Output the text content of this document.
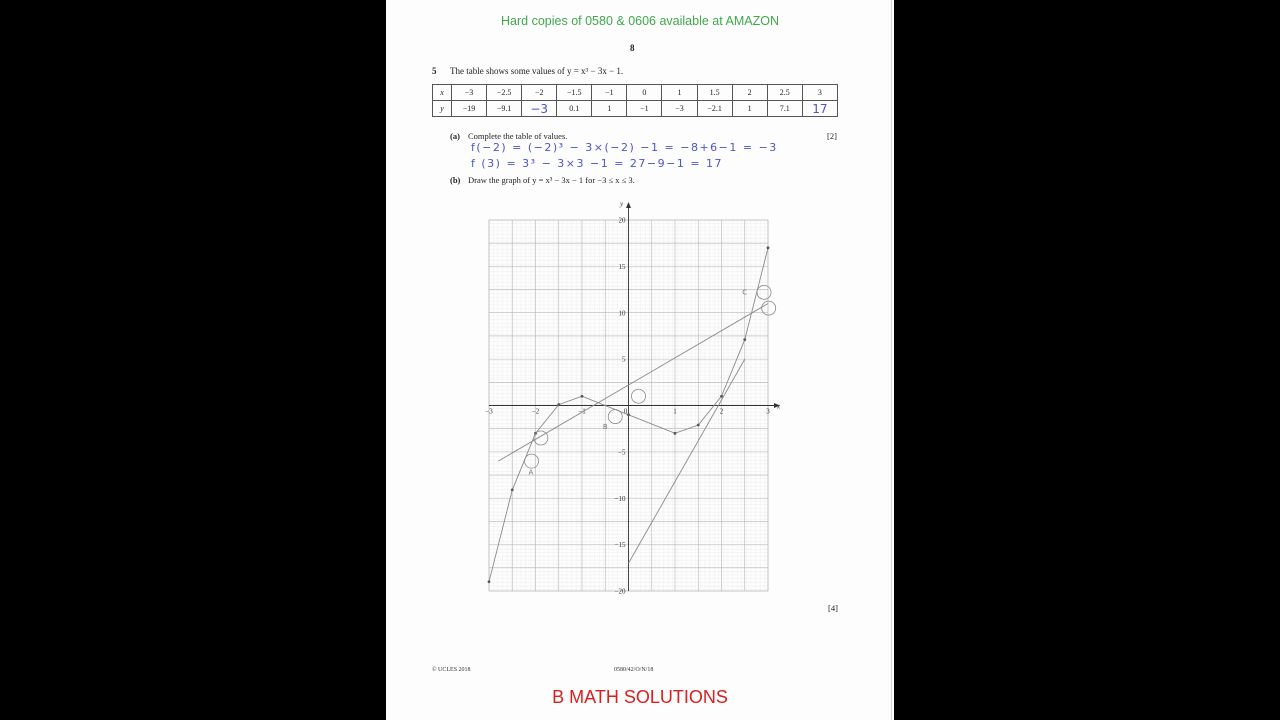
Hard copies of 0580 & 0606 available at AMAZON
8
5 The table shows some values of y = x³ − 3x − 1.
x	−3	−2.5	−2	−1.5	−1	0	1	1.5	2	2.5	3
y	−19	−9.1	−3	0.1	1	−1	−3	−2.1	1	7.1	17
(a) Complete the table of values.	[2]
f(−2) = (−2)³ − 3×(−2) −1 = −8+6−1 = −3
f (3) = 3³ − 3×3 −1 = 27−9−1 = 17
(b) Draw the graph of y = x³ − 3x − 1 for −3 ≤ x ≤ 3.
−3	−2	−1	0	1	2	3
20
15
10
5
−5
−10
−15
−20
x
y
A
B
C
[4]
© UCLES 2018	0580/42/O/N/18
B MATH SOLUTIONS
